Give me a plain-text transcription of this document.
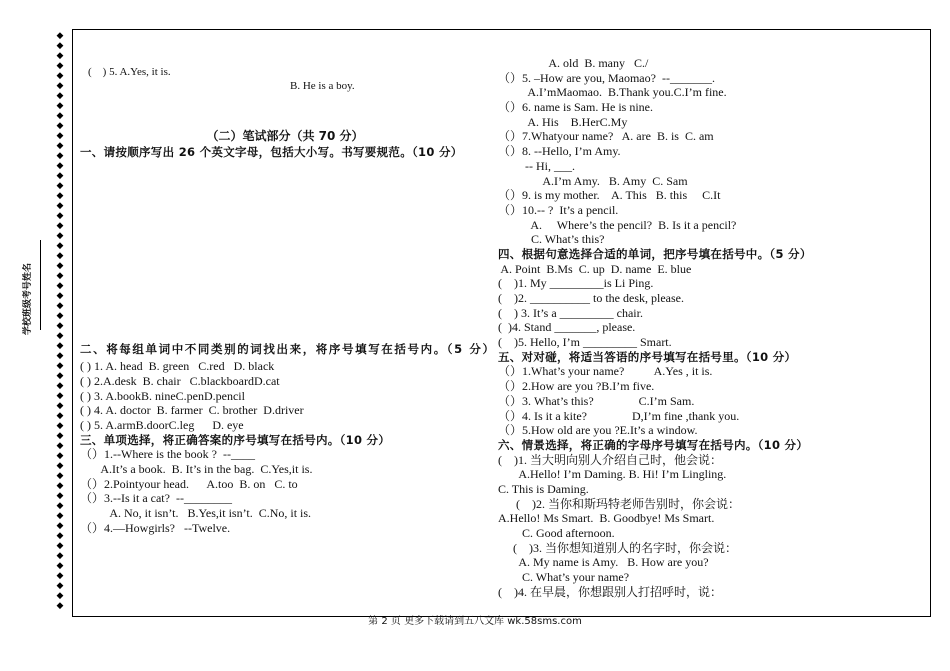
◆
◆
◆
◆
◆
◆
◆
◆
◆
◆
◆
◆
◆
◆
◆
◆
◆
◆
◆
◆
◆
◆
◆
◆
◆
◆
◆
◆
◆
◆
◆
◆
◆
◆
◆
◆
◆
◆
◆
◆
◆
◆
◆
◆
◆
◆
◆
◆
◆
◆
◆
◆
◆
◆
◆
◆
◆
◆
学校班级考号姓名

(    ) 5. A.Yes, it is.

B. He is a boy.

（二）笔试部分（共 70 分）
一、请按顺序写出 26 个英文字母，包括大小写。书写要规范。（10 分）
二、将每组单词中不同类别的词找出来，将序号填写在括号内。（5 分）
( ) 1. A. head  B. green   C.red   D. black
( ) 2.A.desk  B. chair   C.blackboardD.cat
( ) 3. A.bookB. nineC.penD.pencil
( ) 4. A. doctor  B. farmer  C. brother  D.driver
( ) 5. A.armB.doorC.leg      D. eye
三、单项选择，将正确答案的序号填写在括号内。（10 分）
（）1.--Where is the book ?  --____
A.It’s a book.  B. It’s in the bag.  C.Yes,it is.
（）2.Pointyour head.      A.too  B. on   C. to
（）3.--Is it a cat?  --________
A. No, it isn’t.   B.Yes,it isn’t.  C.No, it is.
（）4.—Howgirls?   --Twelve.
A. old  B. many   C./
（）5. –How are you, Maomao?  --_______.
A.I’mMaomao.  B.Thank you.C.I’m fine.
（）6. name is Sam. He is nine.
A. His    B.HerC.My
（）7.Whatyour name?   A. are  B. is  C. am
（）8. --Hello, I’m Amy.
-- Hi, ___.
A.I’m Amy.   B. Amy  C. Sam
（）9. is my mother.    A. This   B. this     C.It
（）10.-- ?  It’s a pencil.
A.     Where’s the pencil?  B. Is it a pencil?
C. What’s this?
四、根据句意选择合适的单词，把序号填在括号中。（5 分）
A. Point  B.Ms  C. up  D. name  E. blue
(    )1. My _________is Li Ping.
(    )2. __________ to the desk, please.
(    ) 3. It’s a _________ chair.
(  )4. Stand _______, please.
(    )5. Hello, I’m _________ Smart.
五、对对碰，将适当答语的序号填写在括号里。（10 分）
（）1.What’s your name?          A.Yes , it is.
（）2.How are you ?B.I’m five.
（）3. What’s this?               C.I’m Sam.
（）4. Is it a kite?               D,I’m fine ,thank you.
（）5.How old are you ?E.It’s a window.
六、情景选择，将正确的字母序号填写在括号内。（10 分）
(    )1. 当大明向别人介绍自己时，他会说：
A.Hello! I’m Daming. B. Hi! I’m Lingling.
C. This is Daming.
(    )2. 当你和斯玛特老师告别时，你会说：
A.Hello! Ms Smart.  B. Goodbye! Ms Smart.
C. Good afternoon.
(    )3. 当你想知道别人的名字时，你会说：
A. My name is Amy.   B. How are you?
C. What’s your name?
(    )4. 在早晨，你想跟别人打招呼时，说：
第 2 页 更多下载请到五八文库 wk.58sms.com
